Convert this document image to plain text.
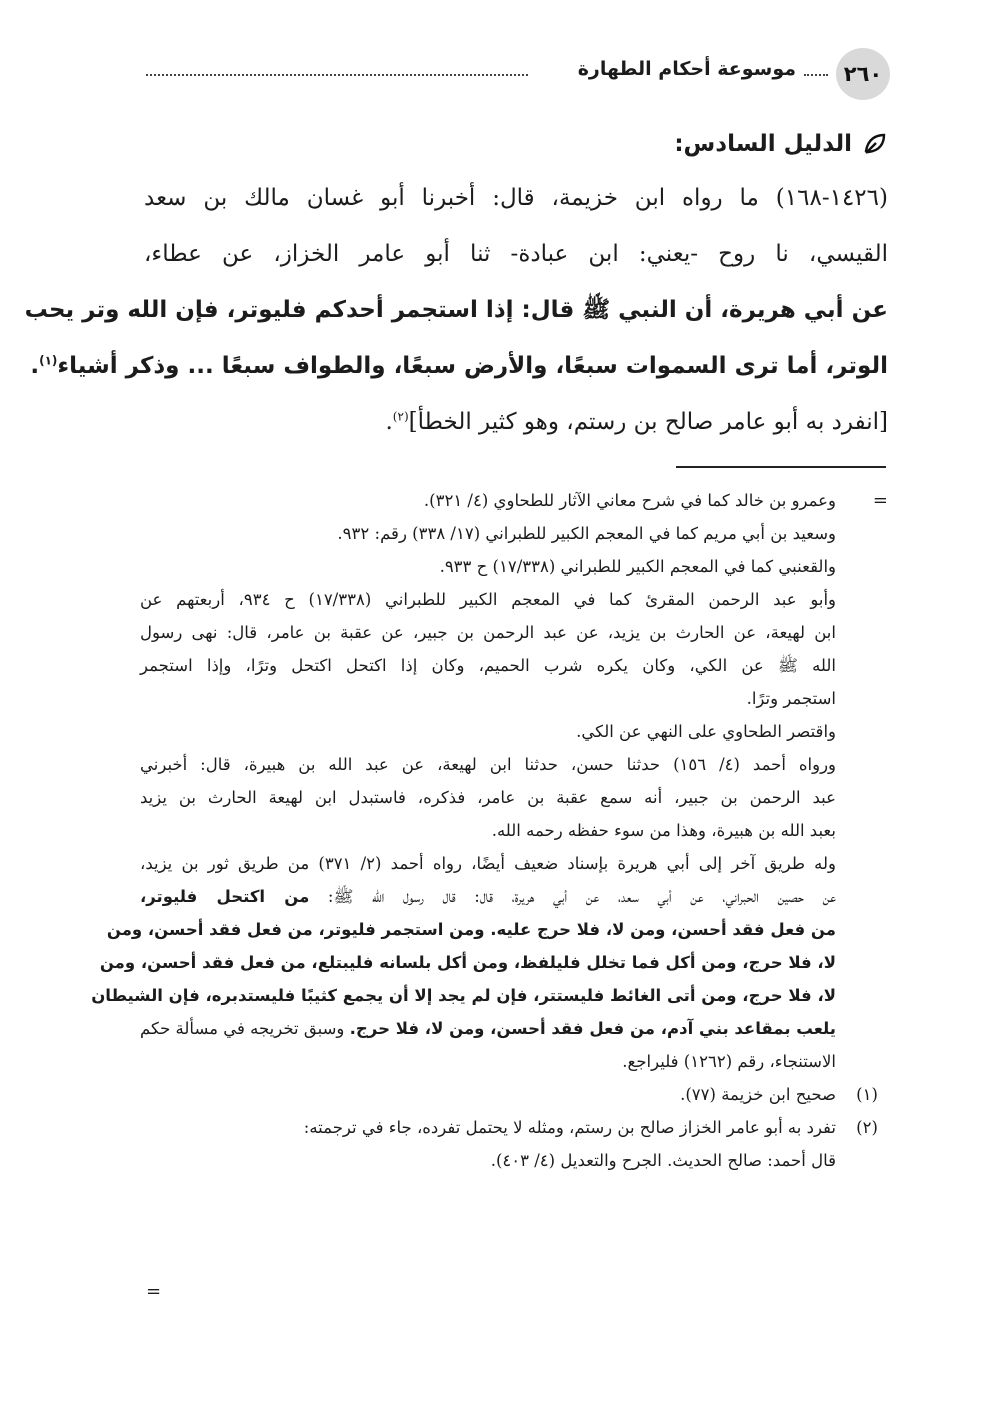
٢٦٠
موسوعة أحكام الطهارة
الدليل السادس:
(١٤٢٦-١٦٨) ما رواه ابن خزيمة، قال: أخبرنا أبو غسان مالك بن سعد
القيسي، نا روح -يعني: ابن عبادة- ثنا أبو عامر الخزاز، عن عطاء،
عن أبي هريرة، أن النبي ﷺ قال: إذا استجمر أحدكم فليوتر، فإن الله وتر يحب
الوتر، أما ترى السموات سبعًا، والأرض سبعًا، والطواف سبعًا ... وذكر أشياء$^{(١)}$.
[انفرد به أبو عامر صالح بن رستم، وهو كثير الخطأ]$^{(٢)}$.
=
وعمرو بن خالد كما في شرح معاني الآثار للطحاوي (٤/ ٣٢١).
وسعيد بن أبي مريم كما في المعجم الكبير للطبراني (١٧/ ٣٣٨) رقم: ٩٣٢.
والقعنبي كما في المعجم الكبير للطبراني (١٧/٣٣٨) ح ٩٣٣.
وأبو عبد الرحمن المقرئ كما في المعجم الكبير للطبراني (١٧/٣٣٨) ح ٩٣٤، أربعتهم عن
ابن لهيعة، عن الحارث بن يزيد، عن عبد الرحمن بن جبير، عن عقبة بن عامر، قال: نهى رسول
الله ﷺ عن الكي، وكان يكره شرب الحميم، وكان إذا اكتحل اكتحل وترًا، وإذا استجمر
استجمر وترًا.
واقتصر الطحاوي على النهي عن الكي.
ورواه أحمد (٤/ ١٥٦) حدثنا حسن، حدثنا ابن لهيعة، عن عبد الله بن هبيرة، قال: أخبرني
عبد الرحمن بن جبير، أنه سمع عقبة بن عامر، فذكره، فاستبدل ابن لهيعة الحارث بن يزيد
بعبد الله بن هبيرة، وهذا من سوء حفظه رحمه الله.
وله طريق آخر إلى أبي هريرة بإسناد ضعيف أيضًا، رواه أحمد (٢/ ٣٧١) من طريق ثور بن يزيد،
عن حصين الحبراني، عن أبي سعد، عن أبي هريرة، قال: قال رسول الله ﷺ: من اكتحل فليوتر،
من فعل فقد أحسن، ومن لا، فلا حرج عليه. ومن استجمر فليوتر، من فعل فقد أحسن، ومن
لا، فلا حرج، ومن أكل فما تخلل فليلفظ، ومن أكل بلسانه فليبتلع، من فعل فقد أحسن، ومن
لا، فلا حرج، ومن أتى الغائط فليستتر، فإن لم يجد إلا أن يجمع كثيبًا فليستدبره، فإن الشيطان
يلعب بمقاعد بني آدم، من فعل فقد أحسن، ومن لا، فلا حرج. وسبق تخريجه في مسألة حكم
الاستنجاء، رقم (١٢٦٢) فليراجع.
(١)
صحيح ابن خزيمة (٧٧).
(٢)
تفرد به أبو عامر الخزاز صالح بن رستم، ومثله لا يحتمل تفرده، جاء في ترجمته:
قال أحمد: صالح الحديث. الجرح والتعديل (٤/ ٤٠٣).
=
